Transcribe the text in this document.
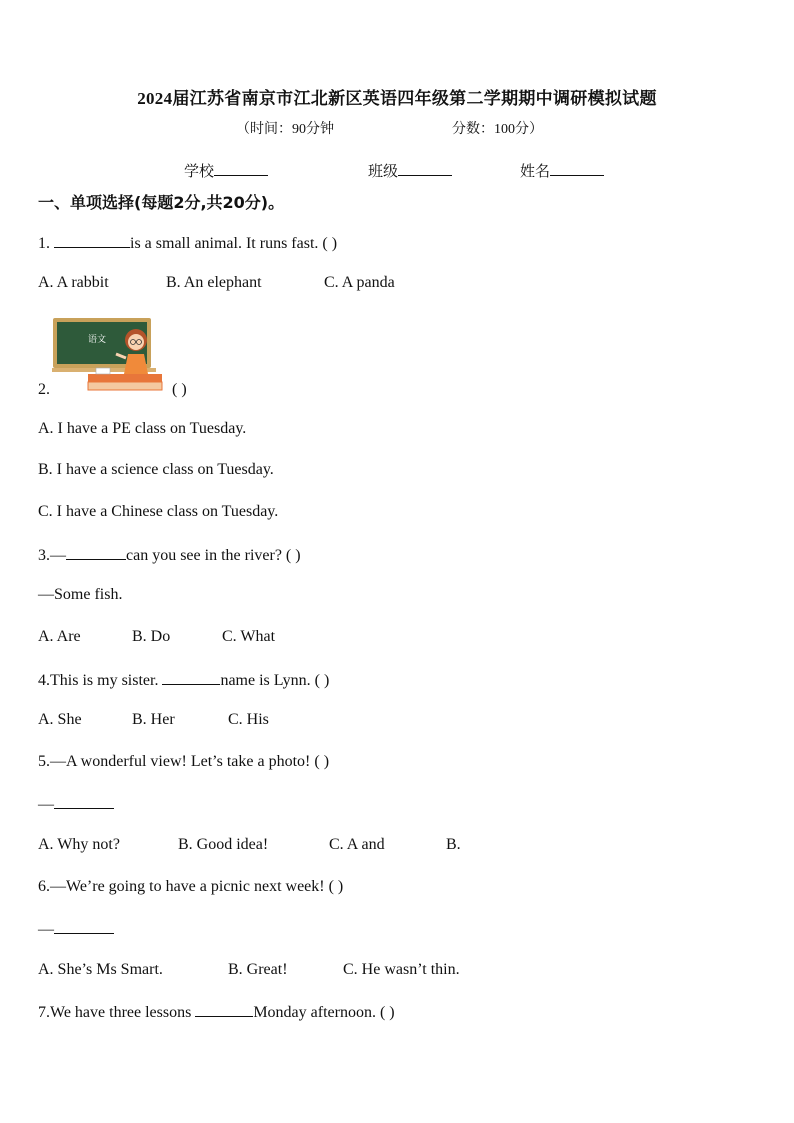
2024届江苏省南京市江北新区英语四年级第二学期期中调研模拟试题
（时间：90分钟	分数：100分）
学校	班级	姓名
一、单项选择(每题2分,共20分)。
1.	is a small animal. It runs fast. ( )
A. A rabbit	B. An elephant	C. A panda
语文
2.	( )
A. I have a PE class on Tuesday.
B. I have a science class on Tuesday.
C. I have a Chinese class on Tuesday.
3.—	can you see in the river? ( )
—Some fish.
A. Are	B. Do	C. What
4.This is my sister.	name is Lynn. ( )
A. She	B. Her	C. His
5.—A wonderful view! Let’s take a photo! ( )
—
A. Why not?	B. Good idea!	C. A and	B.
6.—We’re going to have a picnic next week! ( )
—
A. She’s Ms Smart.	B. Great!	C. He wasn’t thin.
7.We have three lessons	Monday afternoon. ( )
